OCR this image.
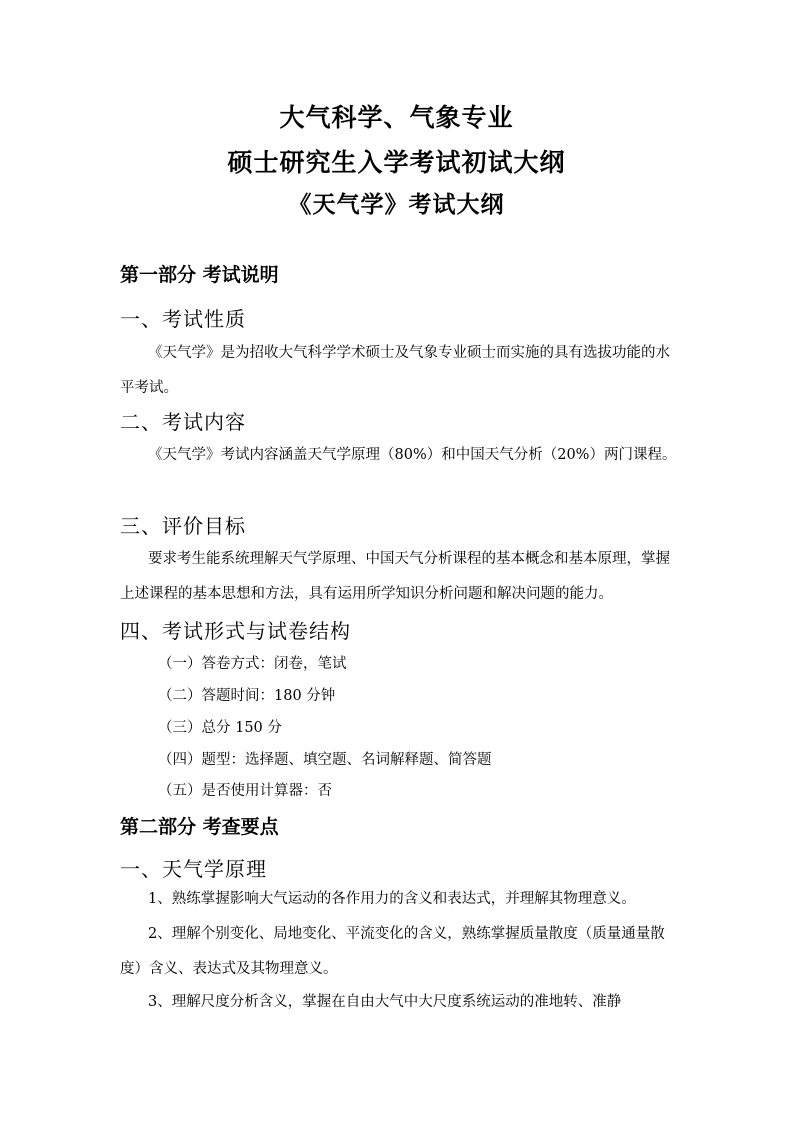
大气科学、气象专业
硕士研究生入学考试初试大纲
《天气学》考试大纲
第一部分 考试说明
一、考试性质

《天气学》是为招收大气科学学术硕士及气象专业硕士而实施的具有选拔功能的水平考试。

二、考试内容

《天气学》考试内容涵盖天气学原理（80%）和中国天气分析（20%）两门课程。

三、评价目标

要求考生能系统理解天气学原理、中国天气分析课程的基本概念和基本原理，掌握上述课程的基本思想和方法，具有运用所学知识分析问题和解决问题的能力。

四、考试形式与试卷结构
（一）答卷方式：闭卷，笔试
（二）答题时间：180 分钟
（三）总分 150 分
（四）题型：选择题、填空题、名词解释题、简答题
（五）是否使用计算器：否
第二部分 考查要点
一、天气学原理

1、熟练掌握影响大气运动的各作用力的含义和表达式，并理解其物理意义。

2、理解个别变化、局地变化、平流变化的含义，熟练掌握质量散度（质量通量散度）含义、表达式及其物理意义。

3、理解尺度分析含义，掌握在自由大气中大尺度系统运动的准地转、准静
